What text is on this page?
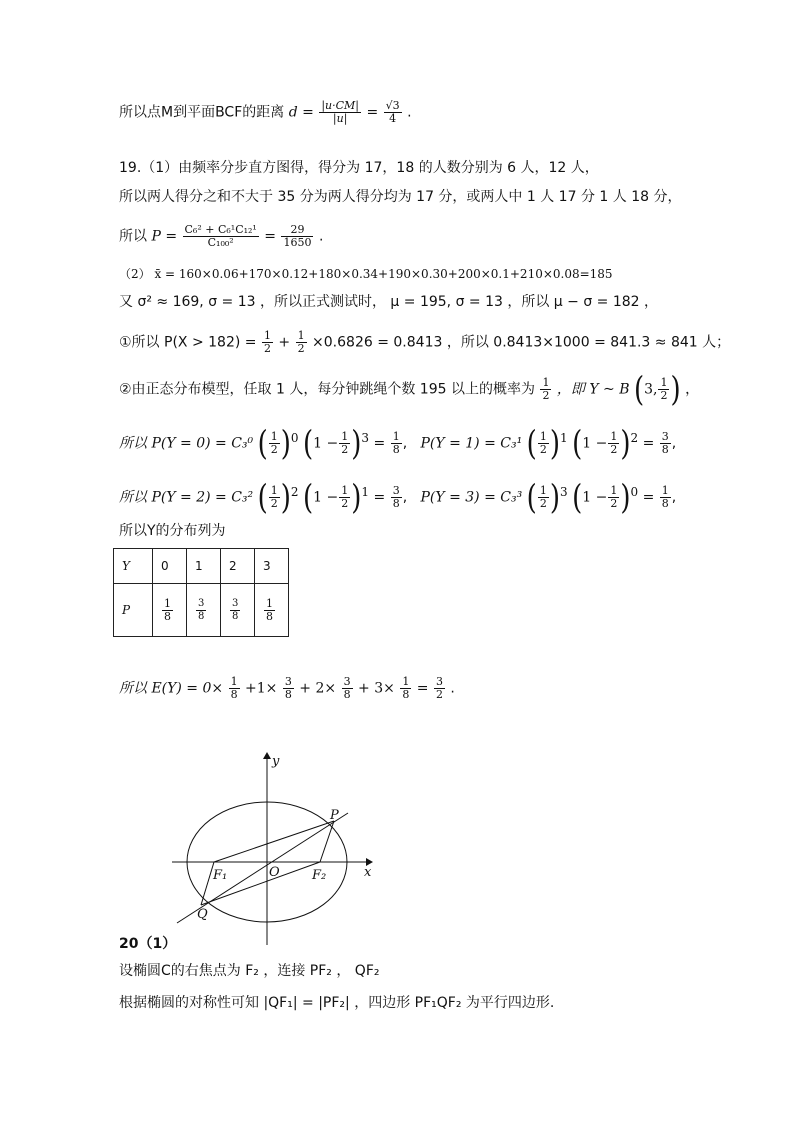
所以点M到平面BCF的距离 $d = \frac{|u\cdot CM|}{|u|} = \frac{√3}{4}$ .
19.（1）由频率分步直方图得，得分为 17，18 的人数分别为 6 人，12 人，
所以两人得分之和不大于 35 分为两人得分均为 17 分，或两人中 1 人 17 分 1 人 18 分，
所以 $P = \frac{\text{C₆² + C₆¹C₁₂¹}}{\text{C₁₀₀²}} = \frac{29}{1650}$ .
（2） x̄ = 160×0.06+170×0.12+180×0.34+190×0.30+200×0.1+210×0.08=185
又 σ² ≈ 169, σ = 13 ，所以正式测试时， μ = 195, σ = 13 ，所以 μ − σ = 182 ，
①所以 $P(X > 182) = \frac{1}{2} + \frac{1}{2} \times 0.6826 = 0.8413$ ，所以 0.8413×1000 = 841.3 ≈ 841 人；
②由正态分布模型，任取 1 人，每分钟跳绳个数 195 以上的概率为 $\frac{1}{2}$ ，即 Y ~ B (3, $\frac{1}{2}$ ) ，
所以 P(Y = 0) = C₃⁰ ( $\frac{1}{2} )^0$ $(1 - \frac{1}{2} )^3 = \frac{1}{8}$ ,   P(Y = 1) = C₃¹ ( $\frac{1}{2} )^1$ $(1 - \frac{1}{2} )^2 = \frac{3}{8}$ ,
所以 P(Y = 2) = C₃² ( $\frac{1}{2} )^2$ $(1 - \frac{1}{2} )^1 = \frac{3}{8}$ ,   P(Y = 3) = C₃³ ( $\frac{1}{2} )^3$ $(1 - \frac{1}{2} )^0 = \frac{1}{8}$ ,
所以Y的分布列为
Y	0	1	2	3
P	$\frac{1}{8}$	$\frac{3}{8}$	$\frac{3}{8}$	$\frac{1}{8}$
所以 $E(Y) = 0\times \frac{1}{8} +1\times \frac{3}{8} + 2\times \frac{3}{8} + 3\times \frac{1}{8} = \frac{3}{2}$ .
y
x
P
Q
O
F₁	F₂
20（1）
设椭圆C的右焦点为 F₂ ，连接 PF₂ ， QF₂
根据椭圆的对称性可知 |QF₁| = |PF₂| ，四边形 PF₁QF₂ 为平行四边形.
